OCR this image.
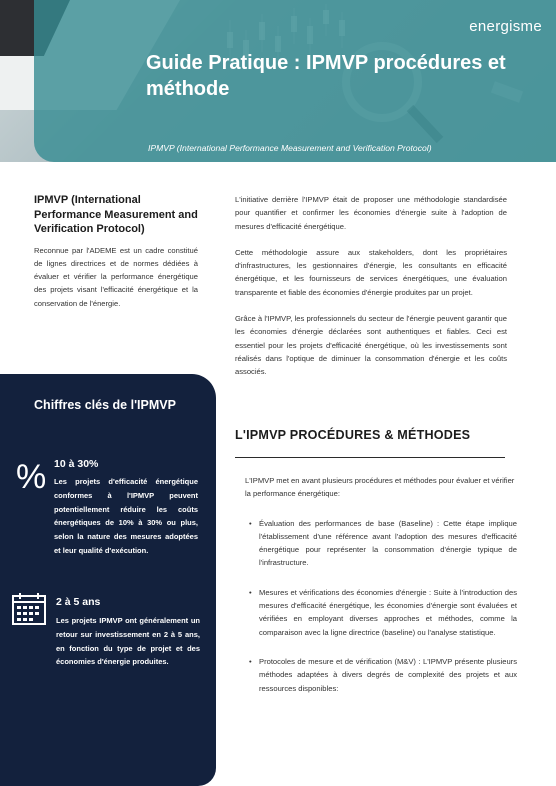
energisme
Guide Pratique : IPMVP procédures et méthode
IPMVP (International Performance Measurement and Verification Protocol)
IPMVP (International Performance Measurement and Verification Protocol)

Reconnue par l'ADEME est un cadre constitué de lignes directrices et de normes dédiées à évaluer et vérifier la performance énergétique des projets visant l'efficacité énergétique et la conservation de l'énergie.

L'initiative derrière l'IPMVP était de proposer une méthodologie standardisée pour quantifier et confirmer les économies d'énergie suite à l'adoption de mesures d'efficacité énergétique.

Cette méthodologie assure aux stakeholders, dont les propriétaires d'infrastructures, les gestionnaires d'énergie, les consultants en efficacité énergétique, et les fournisseurs de services énergétiques, une évaluation transparente et fiable des économies d'énergie produites par un projet.

Grâce à l'IPMVP, les professionnels du secteur de l'énergie peuvent garantir que les économies d'énergie déclarées sont authentiques et fiables. Ceci est essentiel pour les projets d'efficacité énergétique, où les investissements sont réalisés dans l'optique de diminuer la consommation d'énergie et les coûts associés.

L'IPMVP PROCÉDURES & MÉTHODES

L'IPMVP met en avant plusieurs procédures et méthodes pour évaluer et vérifier la performance énergétique:

• Évaluation des performances de base (Baseline) : Cette étape implique l'établissement d'une référence avant l'adoption des mesures d'efficacité énergétique pour représenter la consommation d'énergie typique de l'infrastructure.
• Mesures et vérifications des économies d'énergie : Suite à l'introduction des mesures d'efficacité énergétique, les économies d'énergie sont évaluées et vérifiées en employant diverses approches et méthodes, comme la comparaison avec la ligne directrice (baseline) ou l'analyse statistique.
• Protocoles de mesure et de vérification (M&V) : L'IPMVP présente plusieurs méthodes adaptées à divers degrés de complexité des projets et aux ressources disponibles:
Chiffres clés de l'IPMVP
% 10 à 30%
Les projets d'efficacité énergétique conformes à l'IPMVP peuvent potentiellement réduire les coûts énergétiques de 10% à 30% ou plus, selon la nature des mesures adoptées et leur qualité d'exécution.
2 à 5 ans
Les projets IPMVP ont généralement un retour sur investissement en 2 à 5 ans, en fonction du type de projet et des économies d'énergie produites.
